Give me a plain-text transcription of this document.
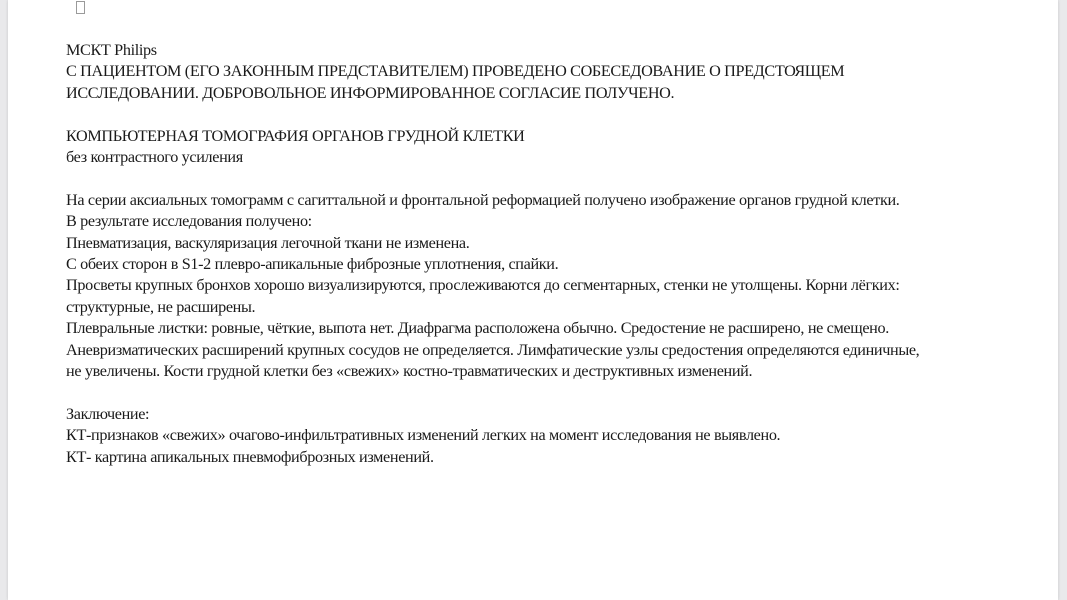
МСКТ Philips
С ПАЦИЕНТОМ (ЕГО ЗАКОННЫМ ПРЕДСТАВИТЕЛЕМ) ПРОВЕДЕНО СОБЕСЕДОВАНИЕ О ПРЕДСТОЯЩЕМ
ИССЛЕДОВАНИИ. ДОБРОВОЛЬНОЕ ИНФОРМИРОВАННОЕ СОГЛАСИЕ ПОЛУЧЕНО.
КОМПЬЮТЕРНАЯ ТОМОГРАФИЯ ОРГАНОВ ГРУДНОЙ КЛЕТКИ
без контрастного усиления
На серии аксиальных томограмм с сагиттальной и фронтальной реформацией получено изображение органов грудной клетки.
В результате исследования получено:
Пневматизация, васкуляризация легочной ткани не изменена.
С обеих сторон в S1-2 плевро-апикальные фиброзные уплотнения, спайки.
Просветы крупных бронхов хорошо визуализируются, прослеживаются до сегментарных, стенки не утолщены. Корни лёгких:
структурные, не расширены.
Плевральные листки: ровные, чёткие, выпота нет. Диафрагма расположена обычно. Средостение не расширено, не смещено.
Аневризматических расширений крупных сосудов не определяется. Лимфатические узлы средостения определяются единичные,
не увеличены. Кости грудной клетки без «свежих» костно-травматических и деструктивных изменений.
Заключение:
КТ-признаков «свежих» очагово-инфильтративных изменений легких на момент исследования не выявлено.
КТ- картина апикальных пневмофиброзных изменений.
